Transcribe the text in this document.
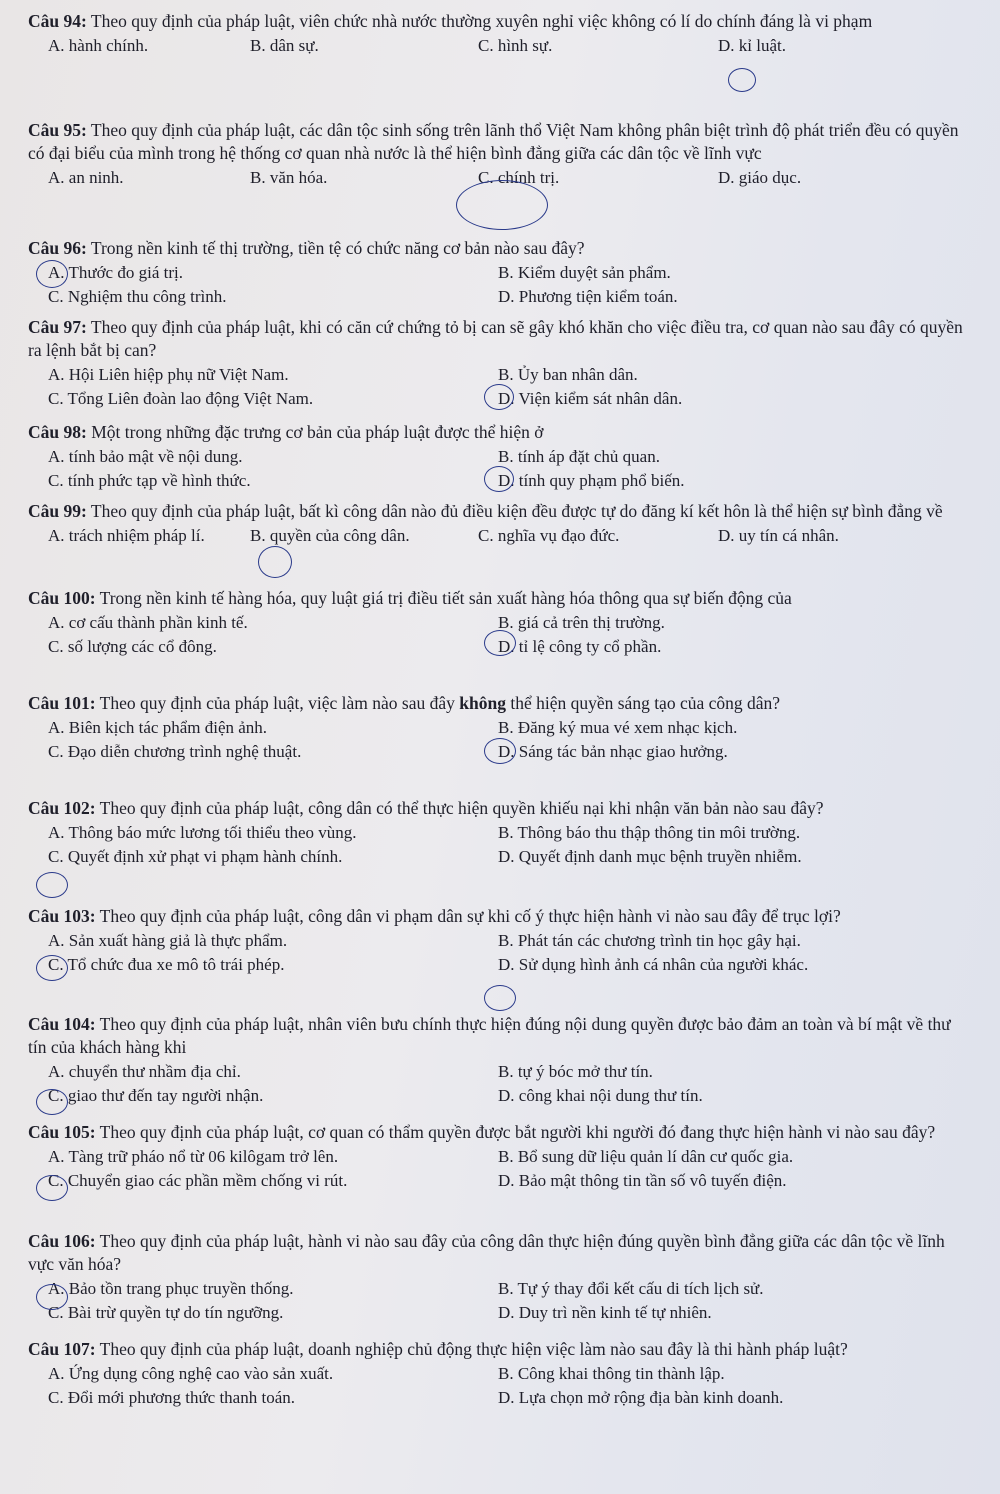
Câu 94: Theo quy định của pháp luật, viên chức nhà nước thường xuyên nghỉ việc không có lí do chính đáng là vi phạm

A. hành chính.	B. dân sự.	C. hình sự.	D. kỉ luật.

Câu 95: Theo quy định của pháp luật, các dân tộc sinh sống trên lãnh thổ Việt Nam không phân biệt trình độ phát triển đều có quyền có đại biểu của mình trong hệ thống cơ quan nhà nước là thể hiện bình đẳng giữa các dân tộc về lĩnh vực

A. an ninh.	B. văn hóa.	C. chính trị.	D. giáo dục.

Câu 96: Trong nền kinh tế thị trường, tiền tệ có chức năng cơ bản nào sau đây?

A. Thước đo giá trị.	B. Kiểm duyệt sản phẩm.
C. Nghiệm thu công trình.	D. Phương tiện kiểm toán.

Câu 97: Theo quy định của pháp luật, khi có căn cứ chứng tỏ bị can sẽ gây khó khăn cho việc điều tra, cơ quan nào sau đây có quyền ra lệnh bắt bị can?

A. Hội Liên hiệp phụ nữ Việt Nam.	B. Ủy ban nhân dân.
C. Tổng Liên đoàn lao động Việt Nam.	D. Viện kiểm sát nhân dân.

Câu 98: Một trong những đặc trưng cơ bản của pháp luật được thể hiện ở

A. tính bảo mật về nội dung.	B. tính áp đặt chủ quan.
C. tính phức tạp về hình thức.	D. tính quy phạm phổ biến.

Câu 99: Theo quy định của pháp luật, bất kì công dân nào đủ điều kiện đều được tự do đăng kí kết hôn là thể hiện sự bình đẳng về

A. trách nhiệm pháp lí.	B. quyền của công dân.	C. nghĩa vụ đạo đức.	D. uy tín cá nhân.

Câu 100: Trong nền kinh tế hàng hóa, quy luật giá trị điều tiết sản xuất hàng hóa thông qua sự biến động của

A. cơ cấu thành phần kinh tế.	B. giá cả trên thị trường.
C. số lượng các cổ đông.	D. tỉ lệ công ty cổ phần.

Câu 101: Theo quy định của pháp luật, việc làm nào sau đây không thể hiện quyền sáng tạo của công dân?

A. Biên kịch tác phẩm điện ảnh.	B. Đăng ký mua vé xem nhạc kịch.
C. Đạo diễn chương trình nghệ thuật.	D. Sáng tác bản nhạc giao hưởng.

Câu 102: Theo quy định của pháp luật, công dân có thể thực hiện quyền khiếu nại khi nhận văn bản nào sau đây?

A. Thông báo mức lương tối thiểu theo vùng.	B. Thông báo thu thập thông tin môi trường.
C. Quyết định xử phạt vi phạm hành chính.	D. Quyết định danh mục bệnh truyền nhiễm.

Câu 103: Theo quy định của pháp luật, công dân vi phạm dân sự khi cố ý thực hiện hành vi nào sau đây để trục lợi?

A. Sản xuất hàng giả là thực phẩm.	B. Phát tán các chương trình tin học gây hại.
C. Tổ chức đua xe mô tô trái phép.	D. Sử dụng hình ảnh cá nhân của người khác.

Câu 104: Theo quy định của pháp luật, nhân viên bưu chính thực hiện đúng nội dung quyền được bảo đảm an toàn và bí mật về thư tín của khách hàng khi

A. chuyển thư nhầm địa chỉ.	B. tự ý bóc mở thư tín.
C. giao thư đến tay người nhận.	D. công khai nội dung thư tín.

Câu 105: Theo quy định của pháp luật, cơ quan có thẩm quyền được bắt người khi người đó đang thực hiện hành vi nào sau đây?

A. Tàng trữ pháo nổ từ 06 kilôgam trở lên.	B. Bổ sung dữ liệu quản lí dân cư quốc gia.
C. Chuyển giao các phần mềm chống vi rút.	D. Bảo mật thông tin tần số vô tuyến điện.

Câu 106: Theo quy định của pháp luật, hành vi nào sau đây của công dân thực hiện đúng quyền bình đẳng giữa các dân tộc về lĩnh vực văn hóa?

A. Bảo tồn trang phục truyền thống.	B. Tự ý thay đổi kết cấu di tích lịch sử.
C. Bài trừ quyền tự do tín ngưỡng.	D. Duy trì nền kinh tế tự nhiên.

Câu 107: Theo quy định của pháp luật, doanh nghiệp chủ động thực hiện việc làm nào sau đây là thi hành pháp luật?

A. Ứng dụng công nghệ cao vào sản xuất.	B. Công khai thông tin thành lập.
C. Đổi mới phương thức thanh toán.	D. Lựa chọn mở rộng địa bàn kinh doanh.
